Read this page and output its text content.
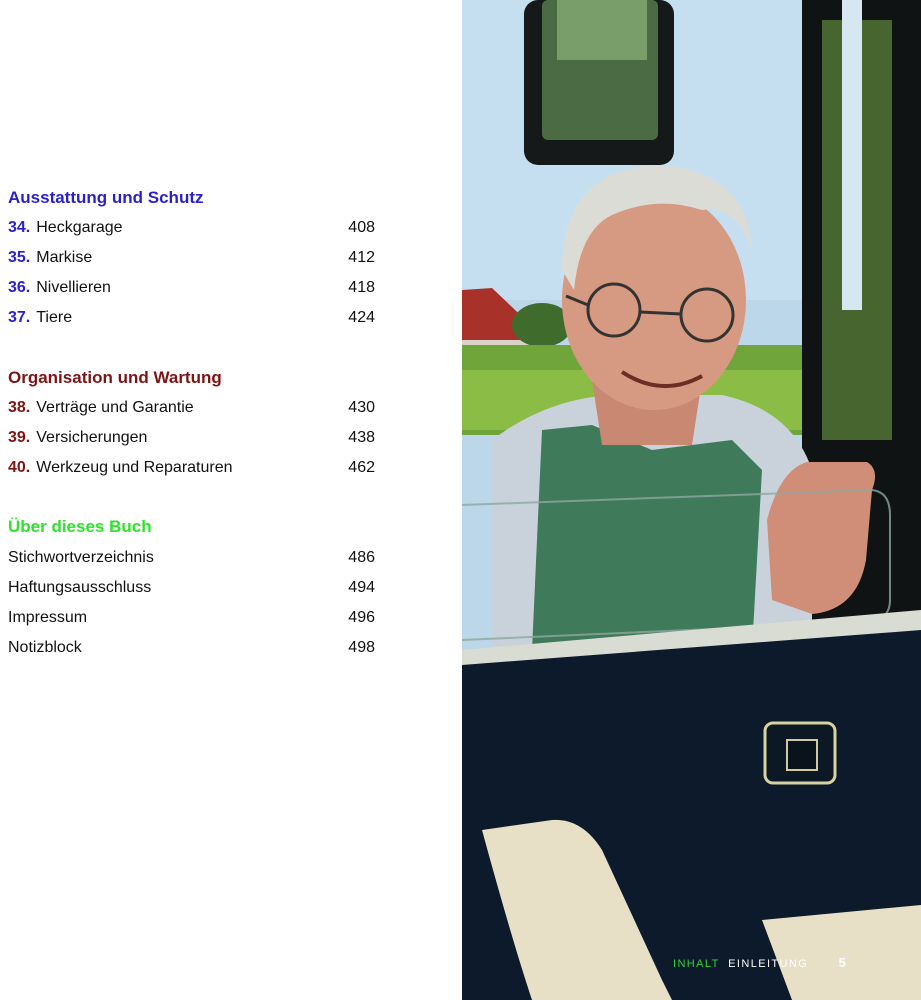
Ausstattung und Schutz
34. Heckgarage	408
35. Markise	412
36. Nivellieren	418
37. Tiere	424
Organisation und Wartung
38. Verträge und Garantie	430
39. Versicherungen	438
40. Werkzeug und Reparaturen	462
Über dieses Buch
Stichwortverzeichnis	486
Haftungsausschluss	494
Impressum	496
Notizblock	498
INHALT EINLEITUNG 5
